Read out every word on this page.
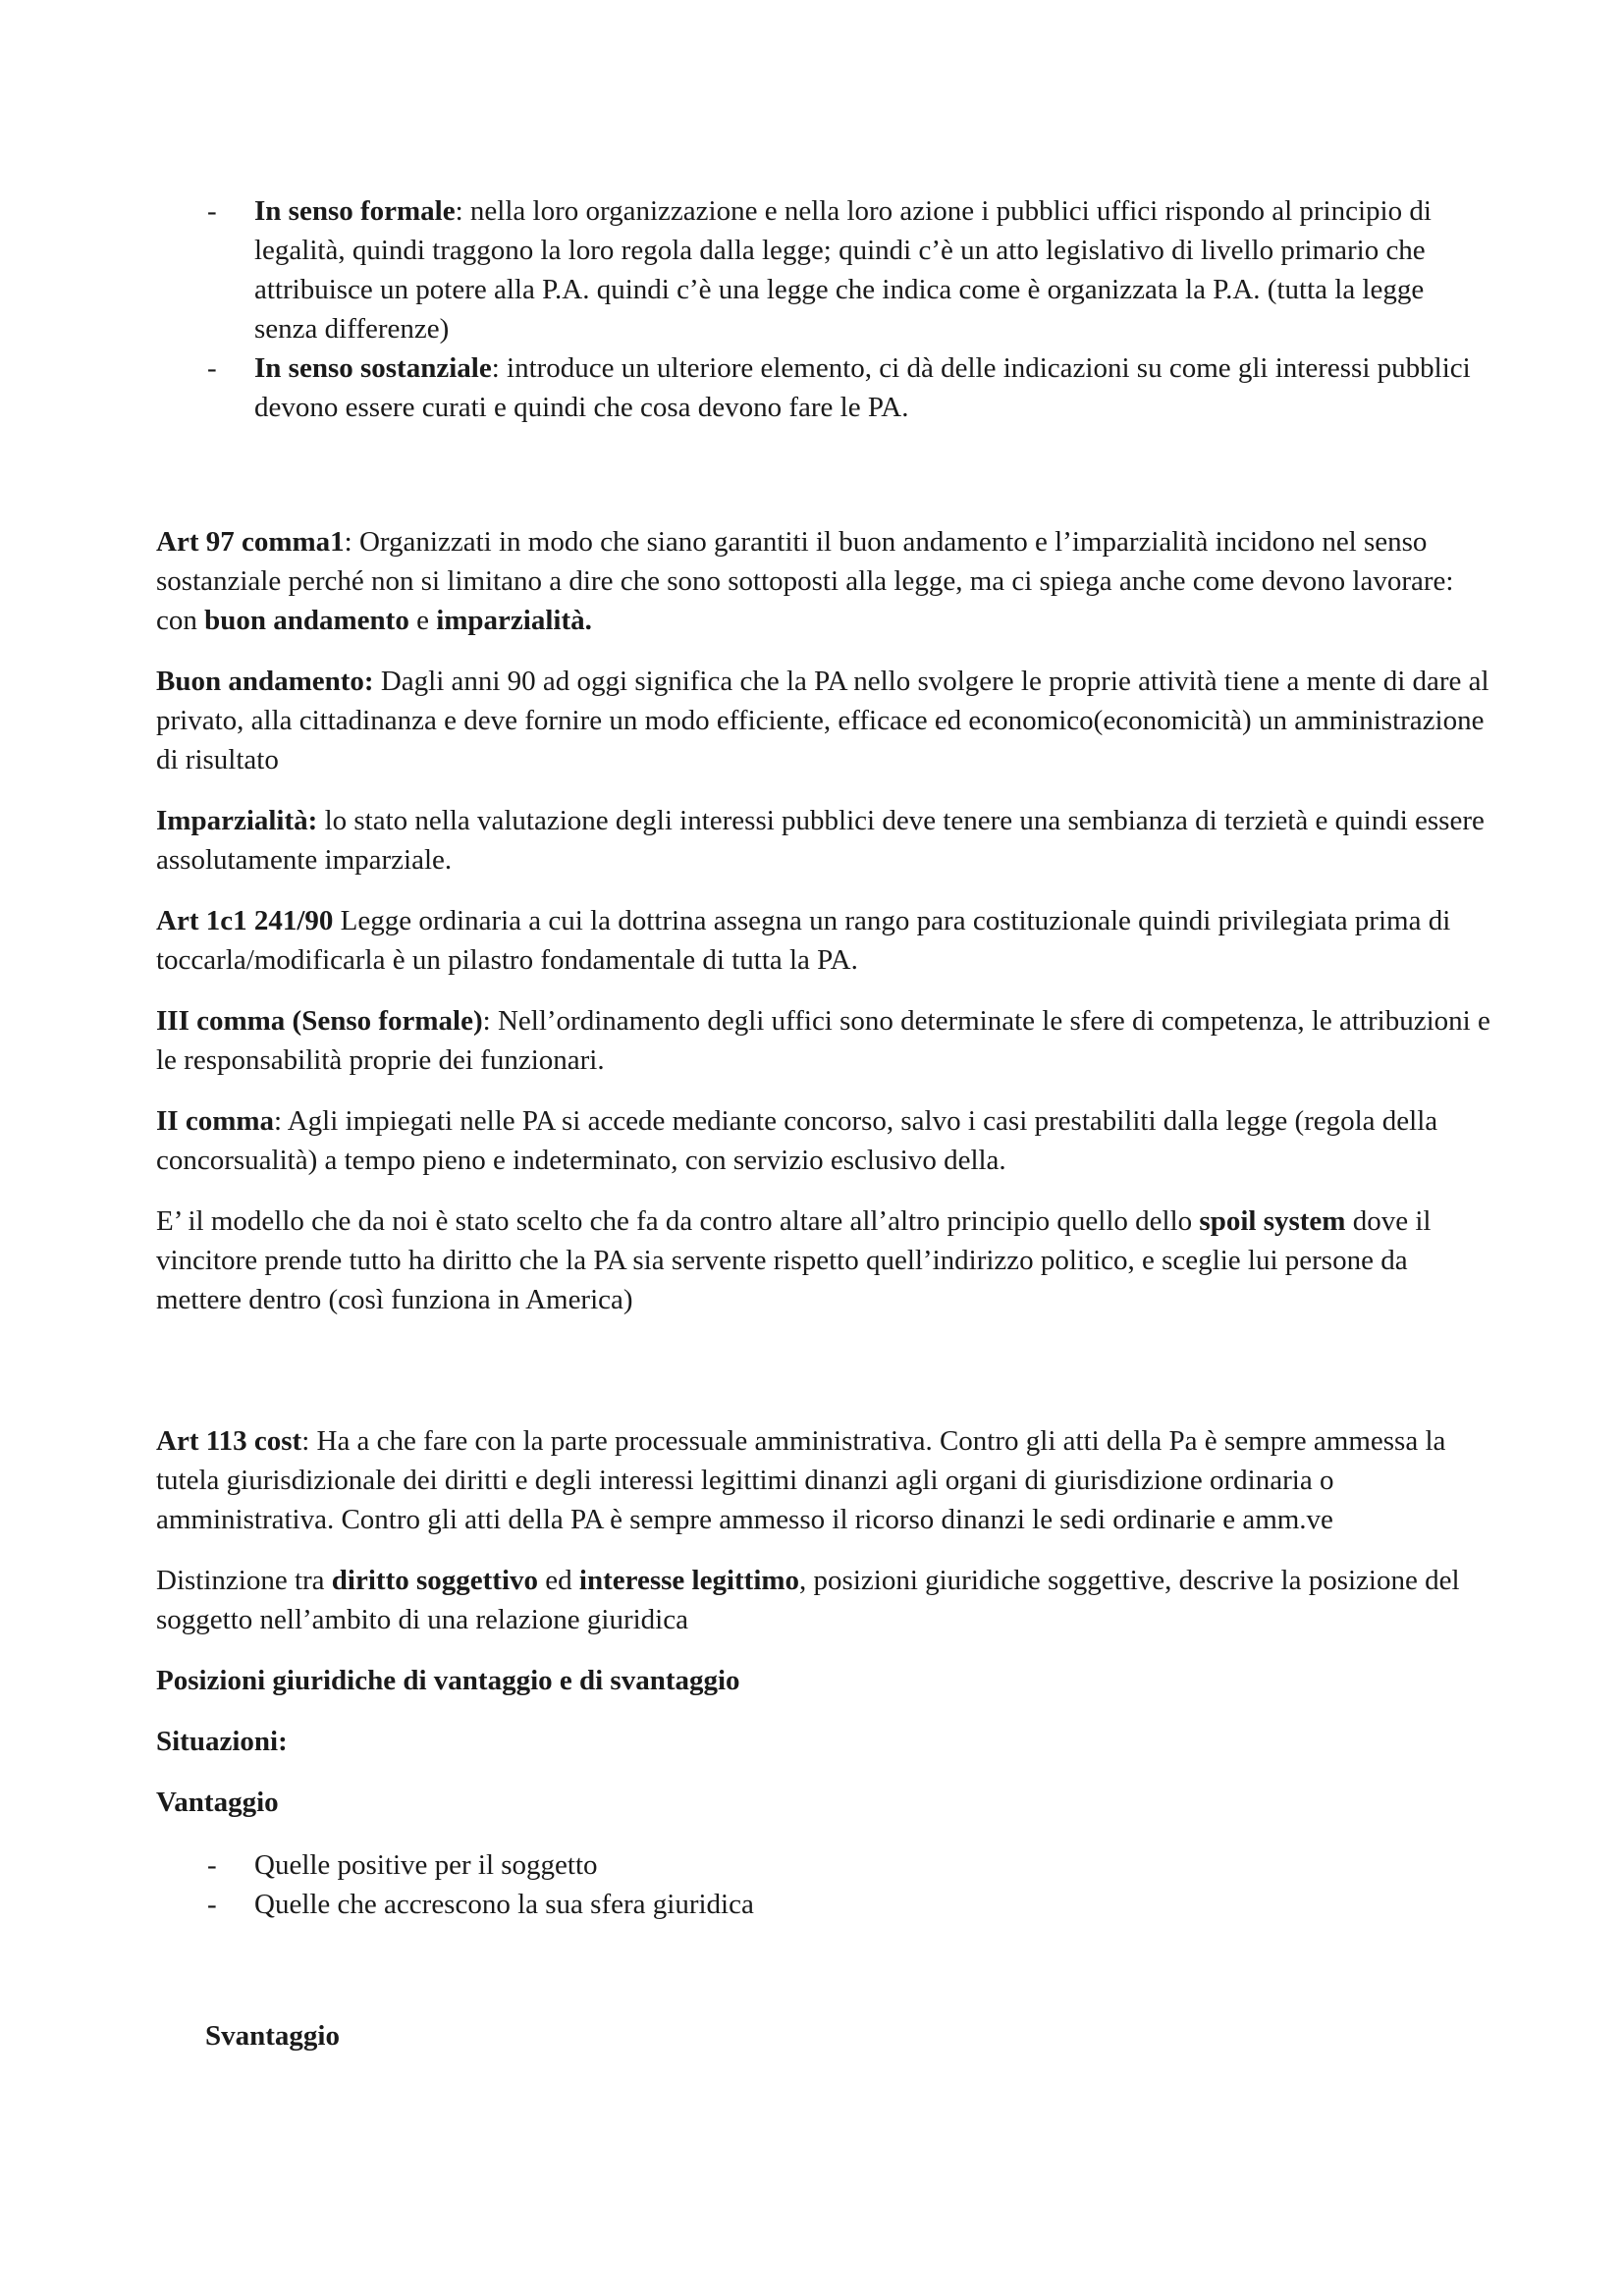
- In senso formale: nella loro organizzazione e nella loro azione i pubblici uffici rispondo al principio di legalità, quindi traggono la loro regola dalla legge; quindi c’è un atto legislativo di livello primario che attribuisce un potere alla P.A. quindi c’è una legge che indica come è organizzata la P.A. (tutta la legge senza differenze)
- In senso sostanziale: introduce un ulteriore elemento, ci dà delle indicazioni su come gli interessi pubblici devono essere curati e quindi che cosa devono fare le PA.

Art 97 comma1: Organizzati in modo che siano garantiti il buon andamento e l’imparzialità incidono nel senso sostanziale perché non si limitano a dire che sono sottoposti alla legge, ma ci spiega anche come devono lavorare: con buon andamento e imparzialità.

Buon andamento: Dagli anni 90 ad oggi significa che la PA nello svolgere le proprie attività tiene a mente di dare al privato, alla cittadinanza e deve fornire un modo efficiente, efficace ed economico(economicità) un amministrazione di risultato

Imparzialità: lo stato nella valutazione degli interessi pubblici deve tenere una sembianza di terzietà e quindi essere assolutamente imparziale.

Art 1c1 241/90 Legge ordinaria a cui la dottrina assegna un rango para costituzionale quindi privilegiata prima di toccarla/modificarla è un pilastro fondamentale di tutta la PA.

III comma (Senso formale): Nell’ordinamento degli uffici sono determinate le sfere di competenza, le attribuzioni e le responsabilità proprie dei funzionari.

II comma: Agli impiegati nelle PA si accede mediante concorso, salvo i casi prestabiliti dalla legge (regola della concorsualità) a tempo pieno e indeterminato, con servizio esclusivo della.

E’ il modello che da noi è stato scelto che fa da contro altare all’altro principio quello dello spoil system dove il vincitore prende tutto ha diritto che la PA sia servente rispetto quell’indirizzo politico, e sceglie lui persone da mettere dentro (così funziona in America)

Art 113 cost: Ha a che fare con la parte processuale amministrativa. Contro gli atti della Pa è sempre ammessa la tutela giurisdizionale dei diritti e degli interessi legittimi dinanzi agli organi di giurisdizione ordinaria o amministrativa. Contro gli atti della PA è sempre ammesso il ricorso dinanzi le sedi ordinarie e amm.ve

Distinzione tra diritto soggettivo ed interesse legittimo, posizioni giuridiche soggettive, descrive la posizione del soggetto nell’ambito di una relazione giuridica

Posizioni giuridiche di vantaggio e di svantaggio

Situazioni:

Vantaggio

- Quelle positive per il soggetto
- Quelle che accrescono la sua sfera giuridica

Svantaggio
